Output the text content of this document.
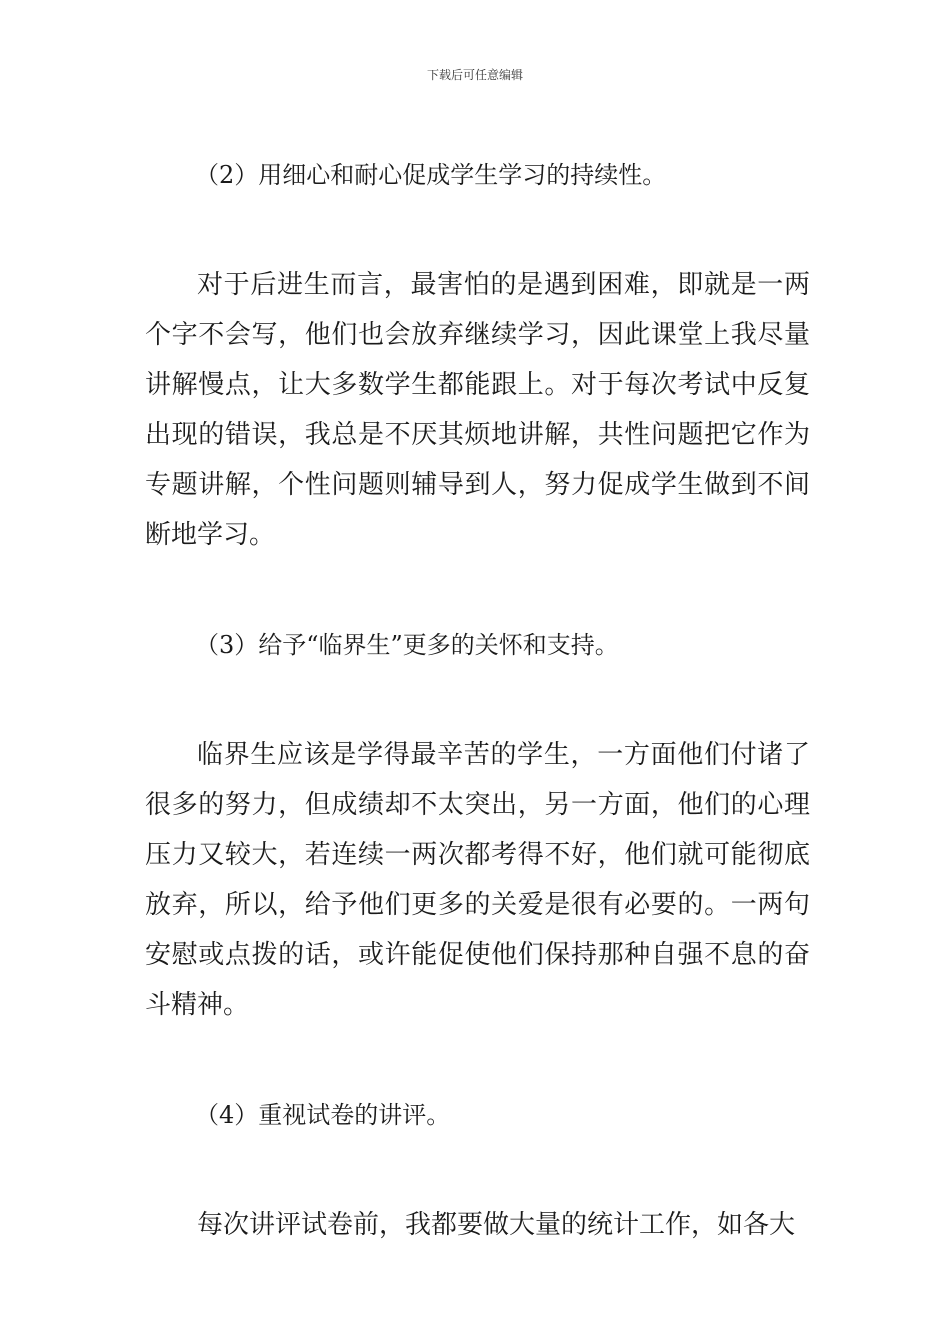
下载后可任意编辑

（2）用细心和耐心促成学生学习的持续性。

对于后进生而言，最害怕的是遇到困难，即就是一两个字不会写，他们也会放弃继续学习，因此课堂上我尽量讲解慢点，让大多数学生都能跟上。对于每次考试中反复出现的错误，我总是不厌其烦地讲解，共性问题把它作为专题讲解，个性问题则辅导到人，努力促成学生做到不间断地学习。

（3）给予“临界生”更多的关怀和支持。

临界生应该是学得最辛苦的学生，一方面他们付诸了很多的努力，但成绩却不太突出，另一方面，他们的心理压力又较大，若连续一两次都考得不好，他们就可能彻底放弃，所以，给予他们更多的关爱是很有必要的。一两句安慰或点拨的话，或许能促使他们保持那种自强不息的奋斗精神。

（4）重视试卷的讲评。

每次讲评试卷前，我都要做大量的统计工作，如各大
